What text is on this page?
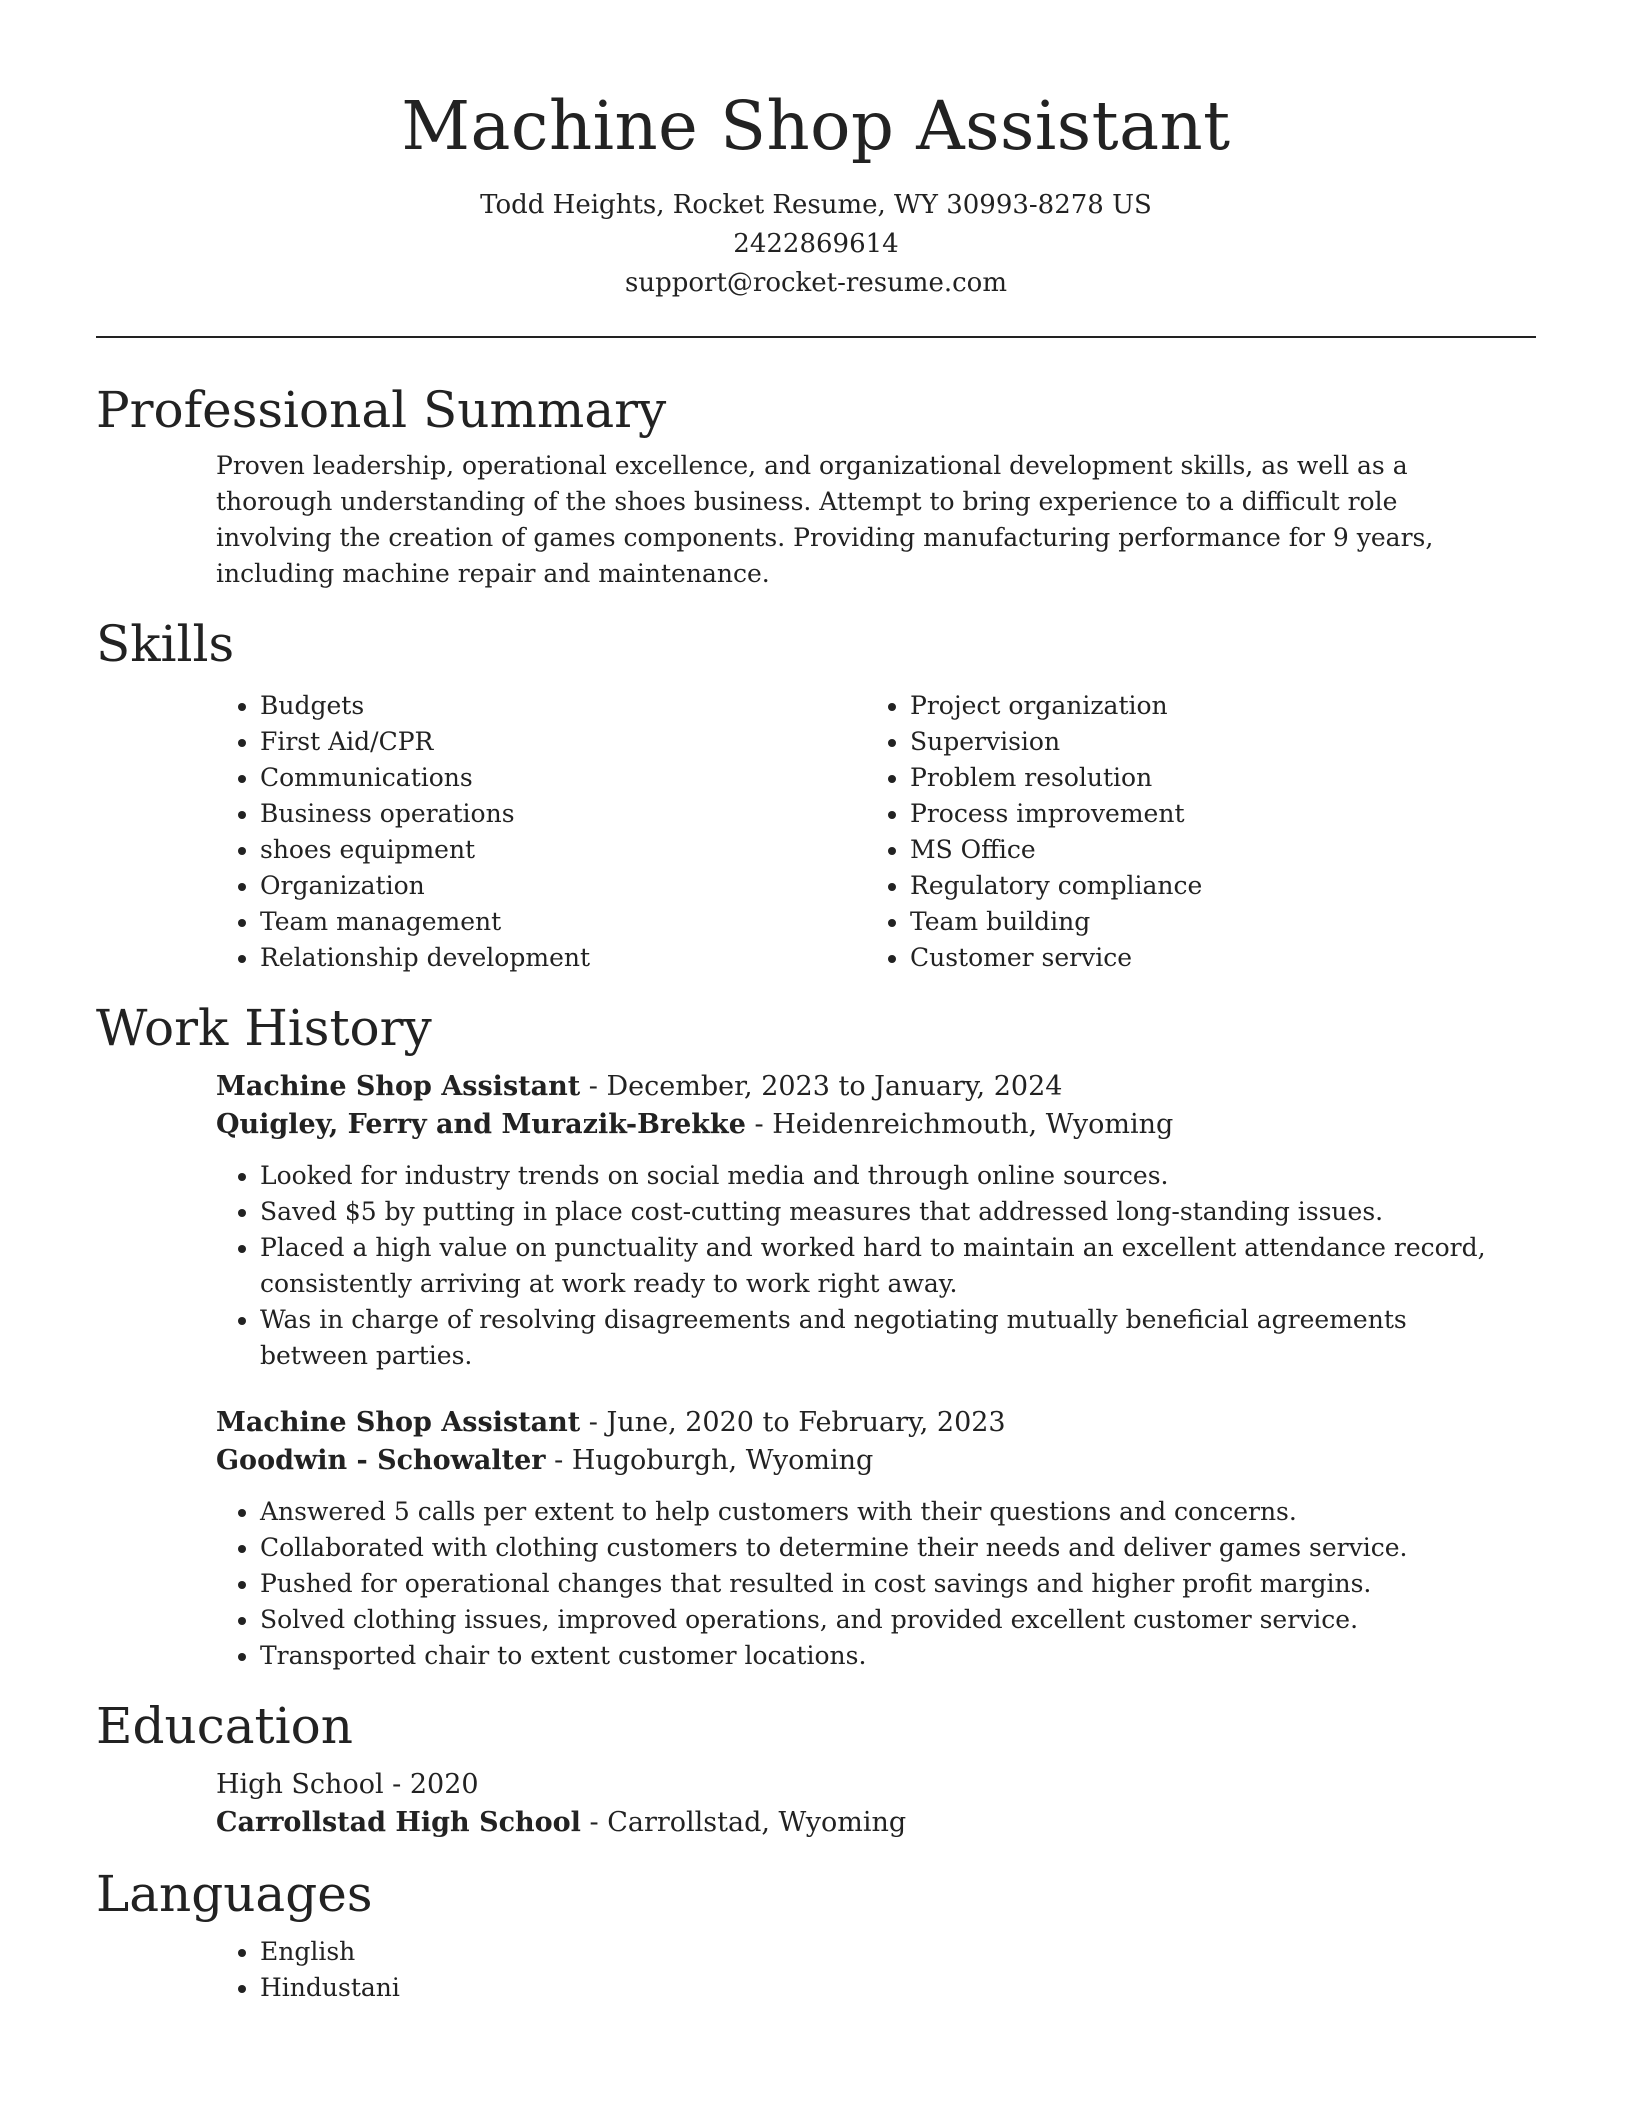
Machine Shop Assistant

Todd Heights, Rocket Resume, WY 30993-8278 US

2422869614

support@rocket-resume.com

Professional Summary

Proven leadership, operational excellence, and organizational development skills, as well as a thorough understanding of the shoes business. Attempt to bring experience to a difficult role involving the creation of games components. Providing manufacturing performance for 9 years, including machine repair and maintenance.

Skills
• Budgets
• First Aid/CPR
• Communications
• Business operations
• shoes equipment
• Organization
• Team management
• Relationship development
• Project organization
• Supervision
• Problem resolution
• Process improvement
• MS Office
• Regulatory compliance
• Team building
• Customer service
Work History

Machine Shop Assistant - December, 2023 to January, 2024

Quigley, Ferry and Murazik-Brekke - Heidenreichmouth, Wyoming

• Looked for industry trends on social media and through online sources.
• Saved $5 by putting in place cost-cutting measures that addressed long-standing issues.
• Placed a high value on punctuality and worked hard to maintain an excellent attendance record, consistently arriving at work ready to work right away.
• Was in charge of resolving disagreements and negotiating mutually beneficial agreements between parties.

Machine Shop Assistant - June, 2020 to February, 2023

Goodwin - Schowalter - Hugoburgh, Wyoming

• Answered 5 calls per extent to help customers with their questions and concerns.
• Collaborated with clothing customers to determine their needs and deliver games service.
• Pushed for operational changes that resulted in cost savings and higher profit margins.
• Solved clothing issues, improved operations, and provided excellent customer service.
• Transported chair to extent customer locations.
Education

High School - 2020

Carrollstad High School - Carrollstad, Wyoming

Languages
• English
• Hindustani
